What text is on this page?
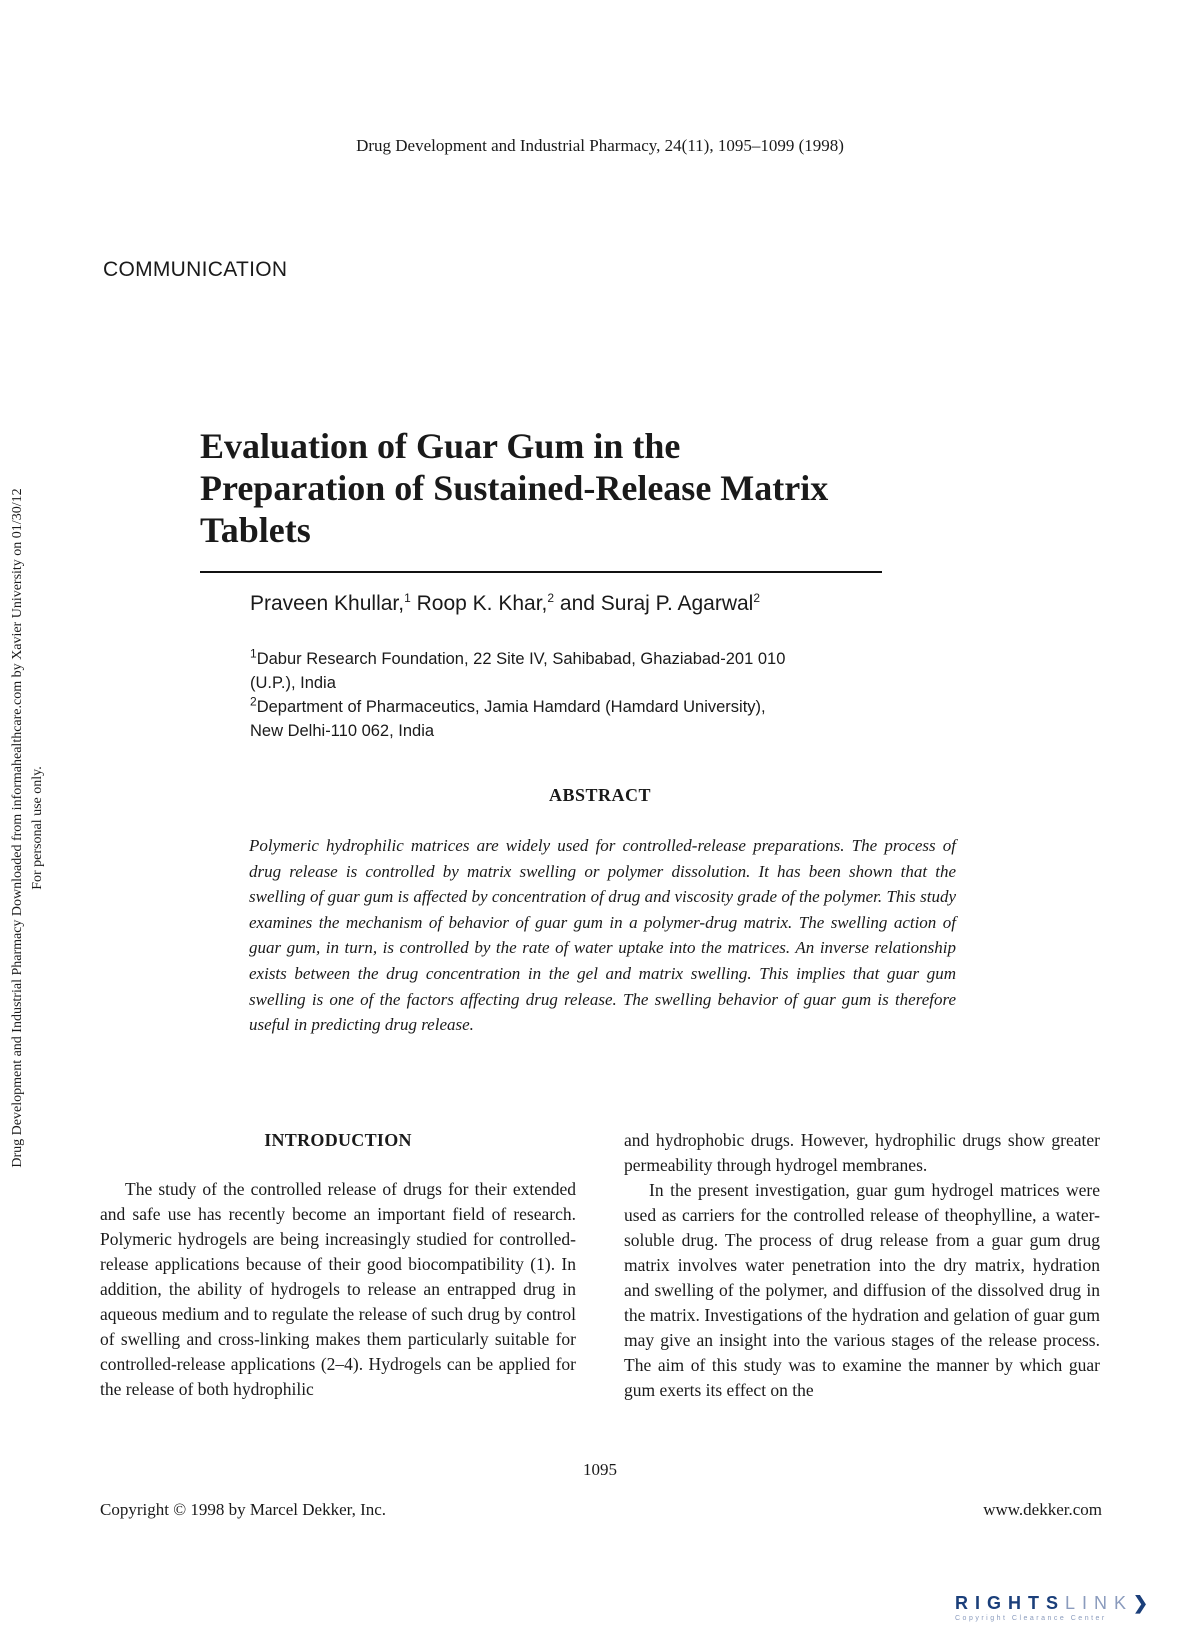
Drug Development and Industrial Pharmacy, 24(11), 1095–1099 (1998)
COMMUNICATION
Drug Development and Industrial Pharmacy Downloaded from informahealthcare.com by Xavier University on 01/30/12 For personal use only.
Evaluation of Guar Gum in the
Preparation of Sustained-Release Matrix
Tablets
Praveen Khullar,$^1$ Roop K. Khar,$^2$ and Suraj P. Agarwal$^2$
$^1$Dabur Research Foundation, 22 Site IV, Sahibabad, Ghaziabad-201 010
(U.P.), India
$^2$Department of Pharmaceutics, Jamia Hamdard (Hamdard University),
New Delhi-110 062, India
ABSTRACT
Polymeric hydrophilic matrices are widely used for controlled-release preparations. The process of drug release is controlled by matrix swelling or polymer dissolution. It has been shown that the swelling of guar gum is affected by concentration of drug and viscosity grade of the polymer. This study examines the mechanism of behavior of guar gum in a polymer-drug matrix. The swelling action of guar gum, in turn, is controlled by the rate of water uptake into the matrices. An inverse relationship exists between the drug concentration in the gel and matrix swelling. This implies that guar gum swelling is one of the factors affecting drug release. The swelling behavior of guar gum is therefore useful in predicting drug release.
INTRODUCTION

The study of the controlled release of drugs for their extended and safe use has recently become an important field of research. Polymeric hydrogels are being increasingly studied for controlled-release applications because of their good biocompatibility (1). In addition, the ability of hydrogels to release an entrapped drug in aqueous medium and to regulate the release of such drug by control of swelling and cross-linking makes them particularly suitable for controlled-release applications (2–4). Hydrogels can be applied for the release of both hydrophilic

and hydrophobic drugs. However, hydrophilic drugs show greater permeability through hydrogel membranes.

In the present investigation, guar gum hydrogel matrices were used as carriers for the controlled release of theophylline, a water-soluble drug. The process of drug release from a guar gum drug matrix involves water penetration into the dry matrix, hydration and swelling of the polymer, and diffusion of the dissolved drug in the matrix. Investigations of the hydration and gelation of guar gum may give an insight into the various stages of the release process. The aim of this study was to examine the manner by which guar gum exerts its effect on the

1095
Copyright © 1998 by Marcel Dekker, Inc.	www.dekker.com
RIGHTSLINK❯
Copyright Clearance Center
